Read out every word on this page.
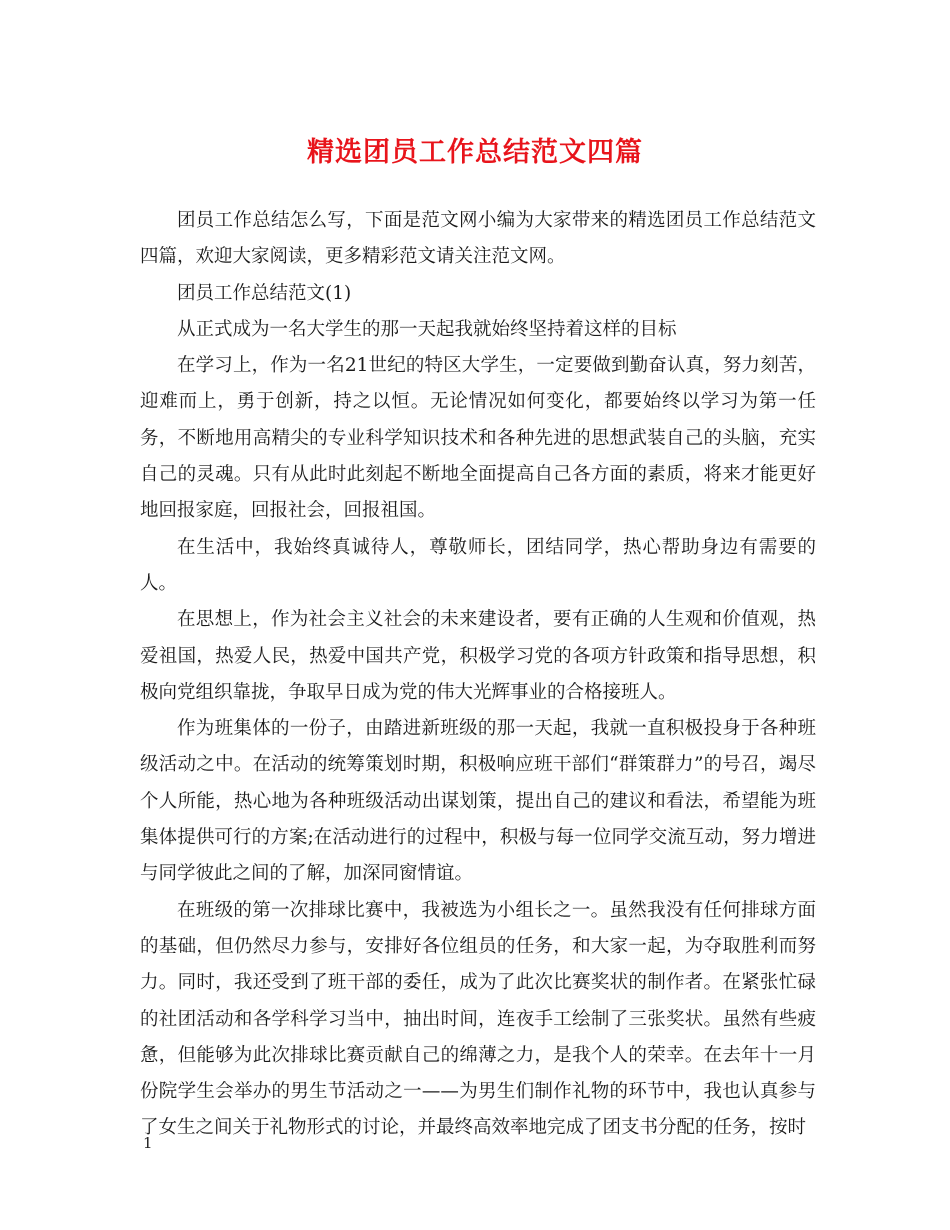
精选团员工作总结范文四篇

团员工作总结怎么写，下面是范文网小编为大家带来的精选团员工作总结范文四篇，欢迎大家阅读，更多精彩范文请关注范文网。

团员工作总结范文(1)

从正式成为一名大学生的那一天起我就始终坚持着这样的目标

在学习上，作为一名21世纪的特区大学生，一定要做到勤奋认真，努力刻苦，迎难而上，勇于创新，持之以恒。无论情况如何变化，都要始终以学习为第一任务，不断地用高精尖的专业科学知识技术和各种先进的思想武装自己的头脑，充实自己的灵魂。只有从此时此刻起不断地全面提高自己各方面的素质，将来才能更好地回报家庭，回报社会，回报祖国。

在生活中，我始终真诚待人，尊敬师长，团结同学，热心帮助身边有需要的人。

在思想上，作为社会主义社会的未来建设者，要有正确的人生观和价值观，热爱祖国，热爱人民，热爱中国共产党，积极学习党的各项方针政策和指导思想，积极向党组织靠拢，争取早日成为党的伟大光辉事业的合格接班人。

作为班集体的一份子，由踏进新班级的那一天起，我就一直积极投身于各种班级活动之中。在活动的统筹策划时期，积极响应班干部们“群策群力”的号召，竭尽个人所能，热心地为各种班级活动出谋划策，提出自己的建议和看法，希望能为班集体提供可行的方案;在活动进行的过程中，积极与每一位同学交流互动，努力增进与同学彼此之间的了解，加深同窗情谊。

在班级的第一次排球比赛中，我被选为小组长之一。虽然我没有任何排球方面的基础，但仍然尽力参与，安排好各位组员的任务，和大家一起，为夺取胜利而努力。同时，我还受到了班干部的委任，成为了此次比赛奖状的制作者。在紧张忙碌的社团活动和各学科学习当中，抽出时间，连夜手工绘制了三张奖状。虽然有些疲惫，但能够为此次排球比赛贡献自己的绵薄之力，是我个人的荣幸。在去年十一月份院学生会举办的男生节活动之一——为男生们制作礼物的环节中，我也认真参与了女生之间关于礼物形式的讨论，并最终高效率地完成了团支书分配的任务，按时

1
